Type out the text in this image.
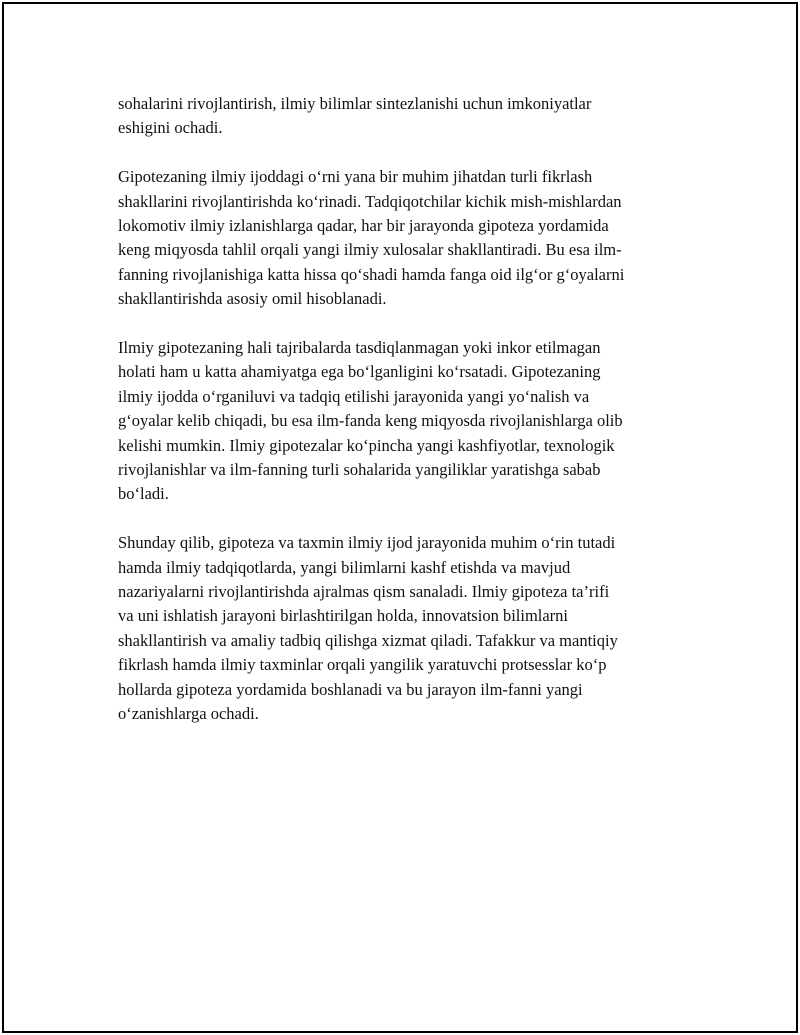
sohalarini rivojlantirish, ilmiy bilimlar sintezlanishi uchun imkoniyatlar
eshigini ochadi.

Gipotezaning ilmiy ijoddagi o‘rni yana bir muhim jihatdan turli fikrlash
shakllarini rivojlantirishda ko‘rinadi. Tadqiqotchilar kichik mish-mishlardan
lokomotiv ilmiy izlanishlarga qadar, har bir jarayonda gipoteza yordamida
keng miqyosda tahlil orqali yangi ilmiy xulosalar shakllantiradi. Bu esa ilm-
fanning rivojlanishiga katta hissa qo‘shadi hamda fanga oid ilg‘or g‘oyalarni
shakllantirishda asosiy omil hisoblanadi.

Ilmiy gipotezaning hali tajribalarda tasdiqlanmagan yoki inkor etilmagan
holati ham u katta ahamiyatga ega bo‘lganligini ko‘rsatadi. Gipotezaning
ilmiy ijodda o‘rganiluvi va tadqiq etilishi jarayonida yangi yo‘nalish va
g‘oyalar kelib chiqadi, bu esa ilm-fanda keng miqyosda rivojlanishlarga olib
kelishi mumkin. Ilmiy gipotezalar ko‘pincha yangi kashfiyotlar, texnologik
rivojlanishlar va ilm-fanning turli sohalarida yangiliklar yaratishga sabab
bo‘ladi.

Shunday qilib, gipoteza va taxmin ilmiy ijod jarayonida muhim o‘rin tutadi
hamda ilmiy tadqiqotlarda, yangi bilimlarni kashf etishda va mavjud
nazariyalarni rivojlantirishda ajralmas qism sanaladi. Ilmiy gipoteza ta’rifi
va uni ishlatish jarayoni birlashtirilgan holda, innovatsion bilimlarni
shakllantirish va amaliy tadbiq qilishga xizmat qiladi. Tafakkur va mantiqiy
fikrlash hamda ilmiy taxminlar orqali yangilik yaratuvchi protsesslar ko‘p
hollarda gipoteza yordamida boshlanadi va bu jarayon ilm-fanni yangi
o‘zanishlarga ochadi.
